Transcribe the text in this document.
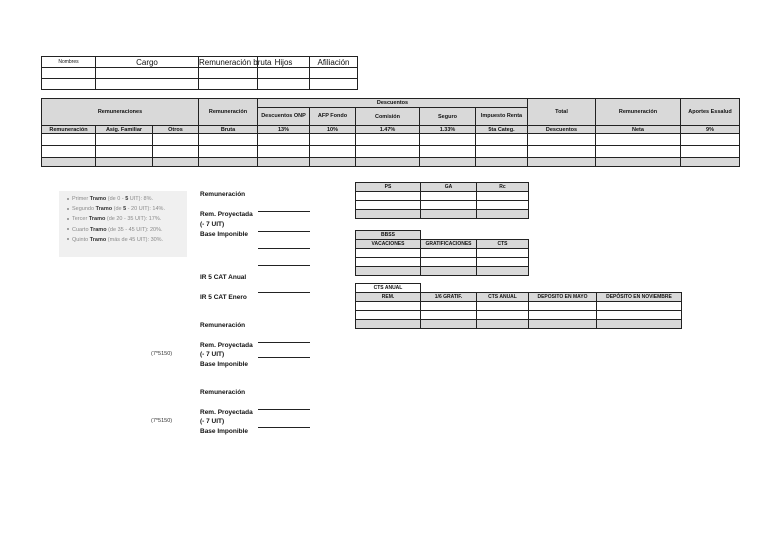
Nombres	Cargo	Remuneración bruta	Hijos	Afiliación

Remuneraciones			Remuneración	Descuentos					Total	Remuneración	Aportes Essalud
				Descuentos ONP	AFP Fondo	Comisión	Seguro	Impuesto Renta			
Remuneración	Asig. Familiar	Otros	Bruta	13%	10%	1.47%	1.33%	5ta Categ.	Descuentos	Neta	9%

Primer Tramo (de 0 - 5 UIT): 8%.
Segundo Tramo (de 5 - 20 UIT): 14%.
Tercer Tramo (de 20 - 35 UIT): 17%.
Cuarto Tramo (de 35 - 45 UIT): 20%.
Quinto Tramo (más de 45 UIT): 30%.
Remuneración
Rem. Proyectada
(- 7 UIT)
Base Imponible
IR 5 CAT Anual
IR 5 CAT Enero
Remuneración
Rem. Proyectada
(- 7 UIT)
(7*5150)
Base Imponible
Remuneración
Rem. Proyectada
(- 7 UIT)
(7*5150)
Base Imponible
PS	GA	Rc

BBSS		
VACACIONES	GRATIFICACIONES	CTS

CTS ANUAL				
REM.	1/6 GRATIF.	CTS ANUAL	DEPOSITO EN MAYO	DEPÓSITO EN NOVIEMBRE
